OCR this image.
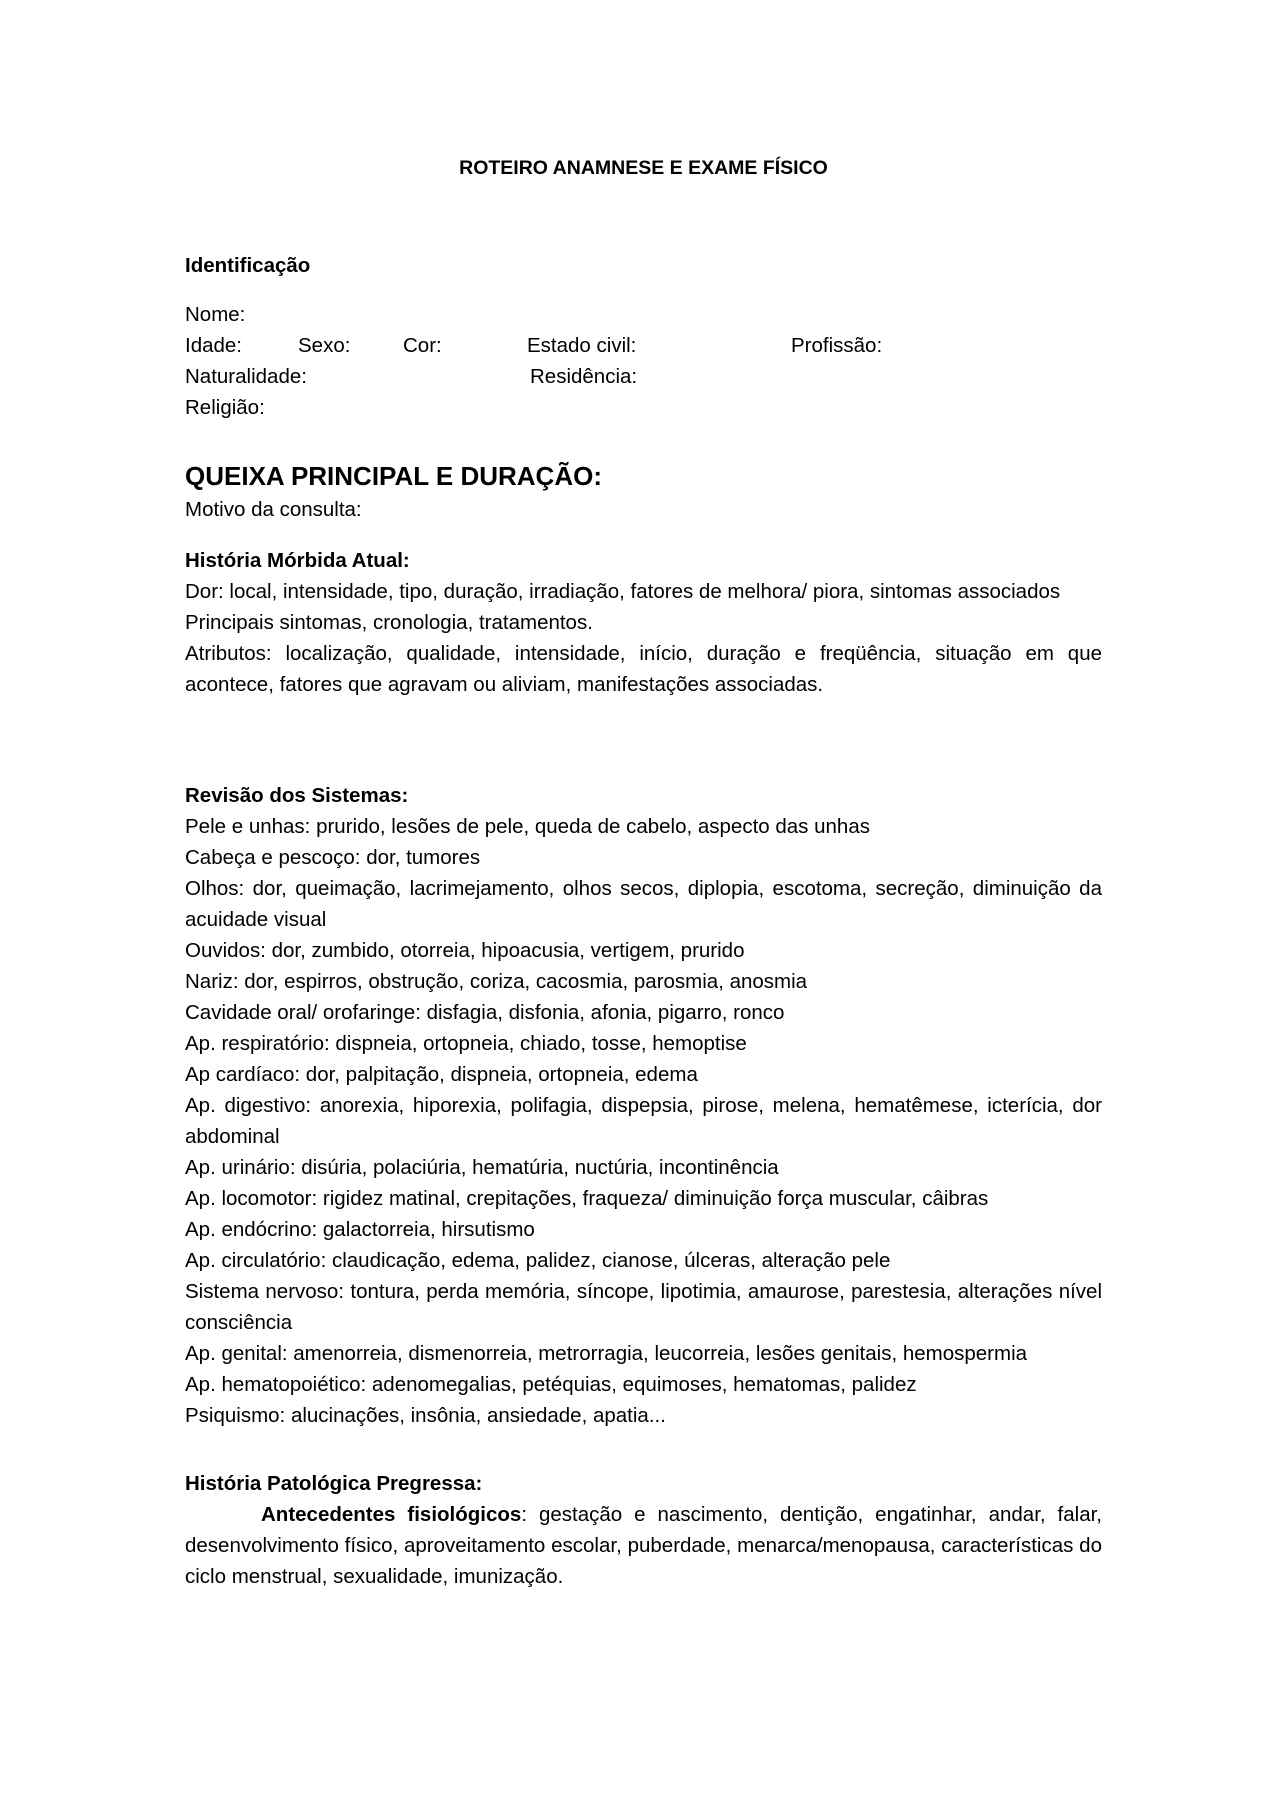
ROTEIRO ANAMNESE E EXAME FÍSICO
Identificação
Nome:
Idade:	Sexo:	Cor:	Estado civil:	Profissão:
Naturalidade:	Residência:
Religião:
QUEIXA PRINCIPAL E DURAÇÃO:
Motivo da consulta:
História Mórbida Atual:
Dor: local, intensidade, tipo, duração, irradiação, fatores de melhora/ piora, sintomas associados
Principais sintomas, cronologia, tratamentos.
Atributos: localização, qualidade, intensidade, início, duração e freqüência, situação em que acontece, fatores que agravam ou aliviam, manifestações associadas.
Revisão dos Sistemas:
Pele e unhas: prurido, lesões de pele, queda de cabelo, aspecto das unhas
Cabeça e pescoço: dor, tumores
Olhos: dor, queimação, lacrimejamento, olhos secos, diplopia, escotoma, secreção, diminuição da acuidade visual
Ouvidos: dor, zumbido, otorreia, hipoacusia, vertigem, prurido
Nariz: dor, espirros, obstrução, coriza, cacosmia, parosmia, anosmia
Cavidade oral/ orofaringe: disfagia, disfonia, afonia, pigarro, ronco
Ap. respiratório: dispneia, ortopneia, chiado, tosse, hemoptise
Ap cardíaco: dor, palpitação, dispneia, ortopneia, edema
Ap. digestivo: anorexia, hiporexia, polifagia, dispepsia, pirose, melena, hematêmese, icterícia, dor abdominal
Ap. urinário: disúria, polaciúria, hematúria, nuctúria, incontinência
Ap. locomotor: rigidez matinal, crepitações, fraqueza/ diminuição força muscular, câibras
Ap. endócrino: galactorreia, hirsutismo
Ap. circulatório: claudicação, edema, palidez, cianose, úlceras, alteração pele
Sistema nervoso: tontura, perda memória, síncope, lipotimia, amaurose, parestesia, alterações nível consciência
Ap. genital: amenorreia, dismenorreia, metrorragia, leucorreia, lesões genitais, hemospermia
Ap. hematopoiético: adenomegalias, petéquias, equimoses, hematomas, palidez
Psiquismo: alucinações, insônia, ansiedade, apatia...
História Patológica Pregressa:
Antecedentes fisiológicos: gestação e nascimento, dentição, engatinhar, andar, falar, desenvolvimento físico, aproveitamento escolar, puberdade, menarca/menopausa, características do ciclo menstrual, sexualidade, imunização.
